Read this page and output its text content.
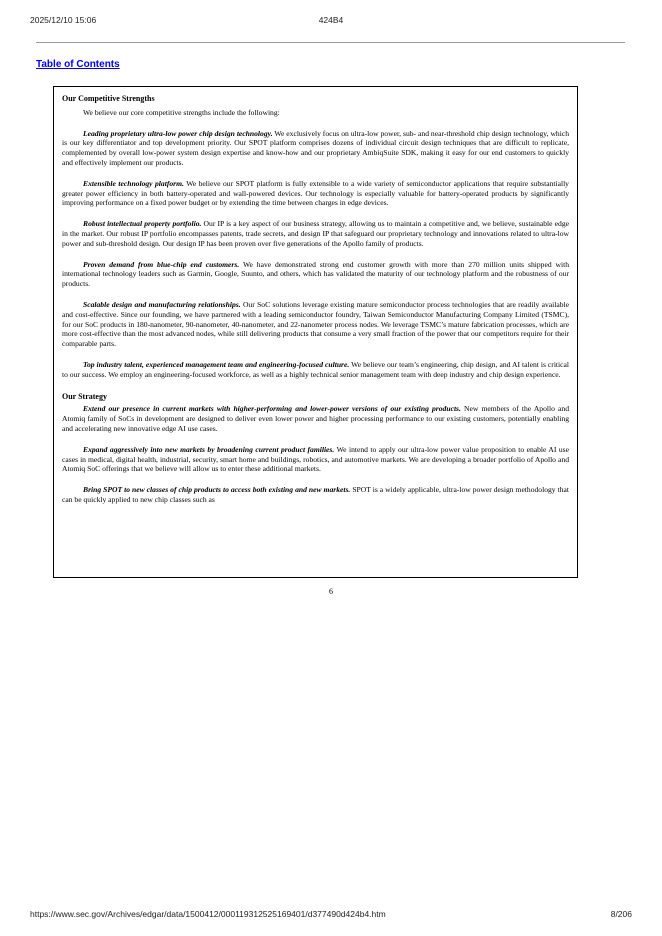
2025/12/10 15:06	424B4
Table of Contents
Our Competitive Strengths

We believe our core competitive strengths include the following:

Leading proprietary ultra-low power chip design technology. We exclusively focus on ultra-low power, sub- and near-threshold chip design technology, which is our key differentiator and top development priority. Our SPOT platform comprises dozens of individual circuit design techniques that are difficult to replicate, complemented by overall low-power system design expertise and know-how and our proprietary AmbiqSuite SDK, making it easy for our end customers to quickly and effectively implement our products.

Extensible technology platform. We believe our SPOT platform is fully extensible to a wide variety of semiconductor applications that require substantially greater power efficiency in both battery-operated and wall-powered devices. Our technology is especially valuable for battery-operated products by significantly improving performance on a fixed power budget or by extending the time between charges in edge devices.

Robust intellectual property portfolio. Our IP is a key aspect of our business strategy, allowing us to maintain a competitive and, we believe, sustainable edge in the market. Our robust IP portfolio encompasses patents, trade secrets, and design IP that safeguard our proprietary technology and innovations related to ultra-low power and sub-threshold design. Our design IP has been proven over five generations of the Apollo family of products.

Proven demand from blue-chip end customers. We have demonstrated strong end customer growth with more than 270 million units shipped with international technology leaders such as Garmin, Google, Suunto, and others, which has validated the maturity of our technology platform and the robustness of our products.

Scalable design and manufacturing relationships. Our SoC solutions leverage existing mature semiconductor process technologies that are readily available and cost-effective. Since our founding, we have partnered with a leading semiconductor foundry, Taiwan Semiconductor Manufacturing Company Limited (TSMC), for our SoC products in 180-nanometer, 90-nanometer, 40-nanometer, and 22-nanometer process nodes. We leverage TSMC’s mature fabrication processes, which are more cost-effective than the most advanced nodes, while still delivering products that consume a very small fraction of the power that our competitors require for their comparable parts.

Top industry talent, experienced management team and engineering-focused culture. We believe our team’s engineering, chip design, and AI talent is critical to our success. We employ an engineering-focused workforce, as well as a highly technical senior management team with deep industry and chip design experience.

Our Strategy

Extend our presence in current markets with higher-performing and lower-power versions of our existing products. New members of the Apollo and Atomiq family of SoCs in development are designed to deliver even lower power and higher processing performance to our existing customers, potentially enabling and accelerating new innovative edge AI use cases.

Expand aggressively into new markets by broadening current product families. We intend to apply our ultra-low power value proposition to enable AI use cases in medical, digital health, industrial, security, smart home and buildings, robotics, and automotive markets. We are developing a broader portfolio of Apollo and Atomiq SoC offerings that we believe will allow us to enter these additional markets.

Bring SPOT to new classes of chip products to access both existing and new markets. SPOT is a widely applicable, ultra-low power design methodology that can be quickly applied to new chip classes such as

6
https://www.sec.gov/Archives/edgar/data/1500412/000119312525169401/d377490d424b4.htm	8/206
